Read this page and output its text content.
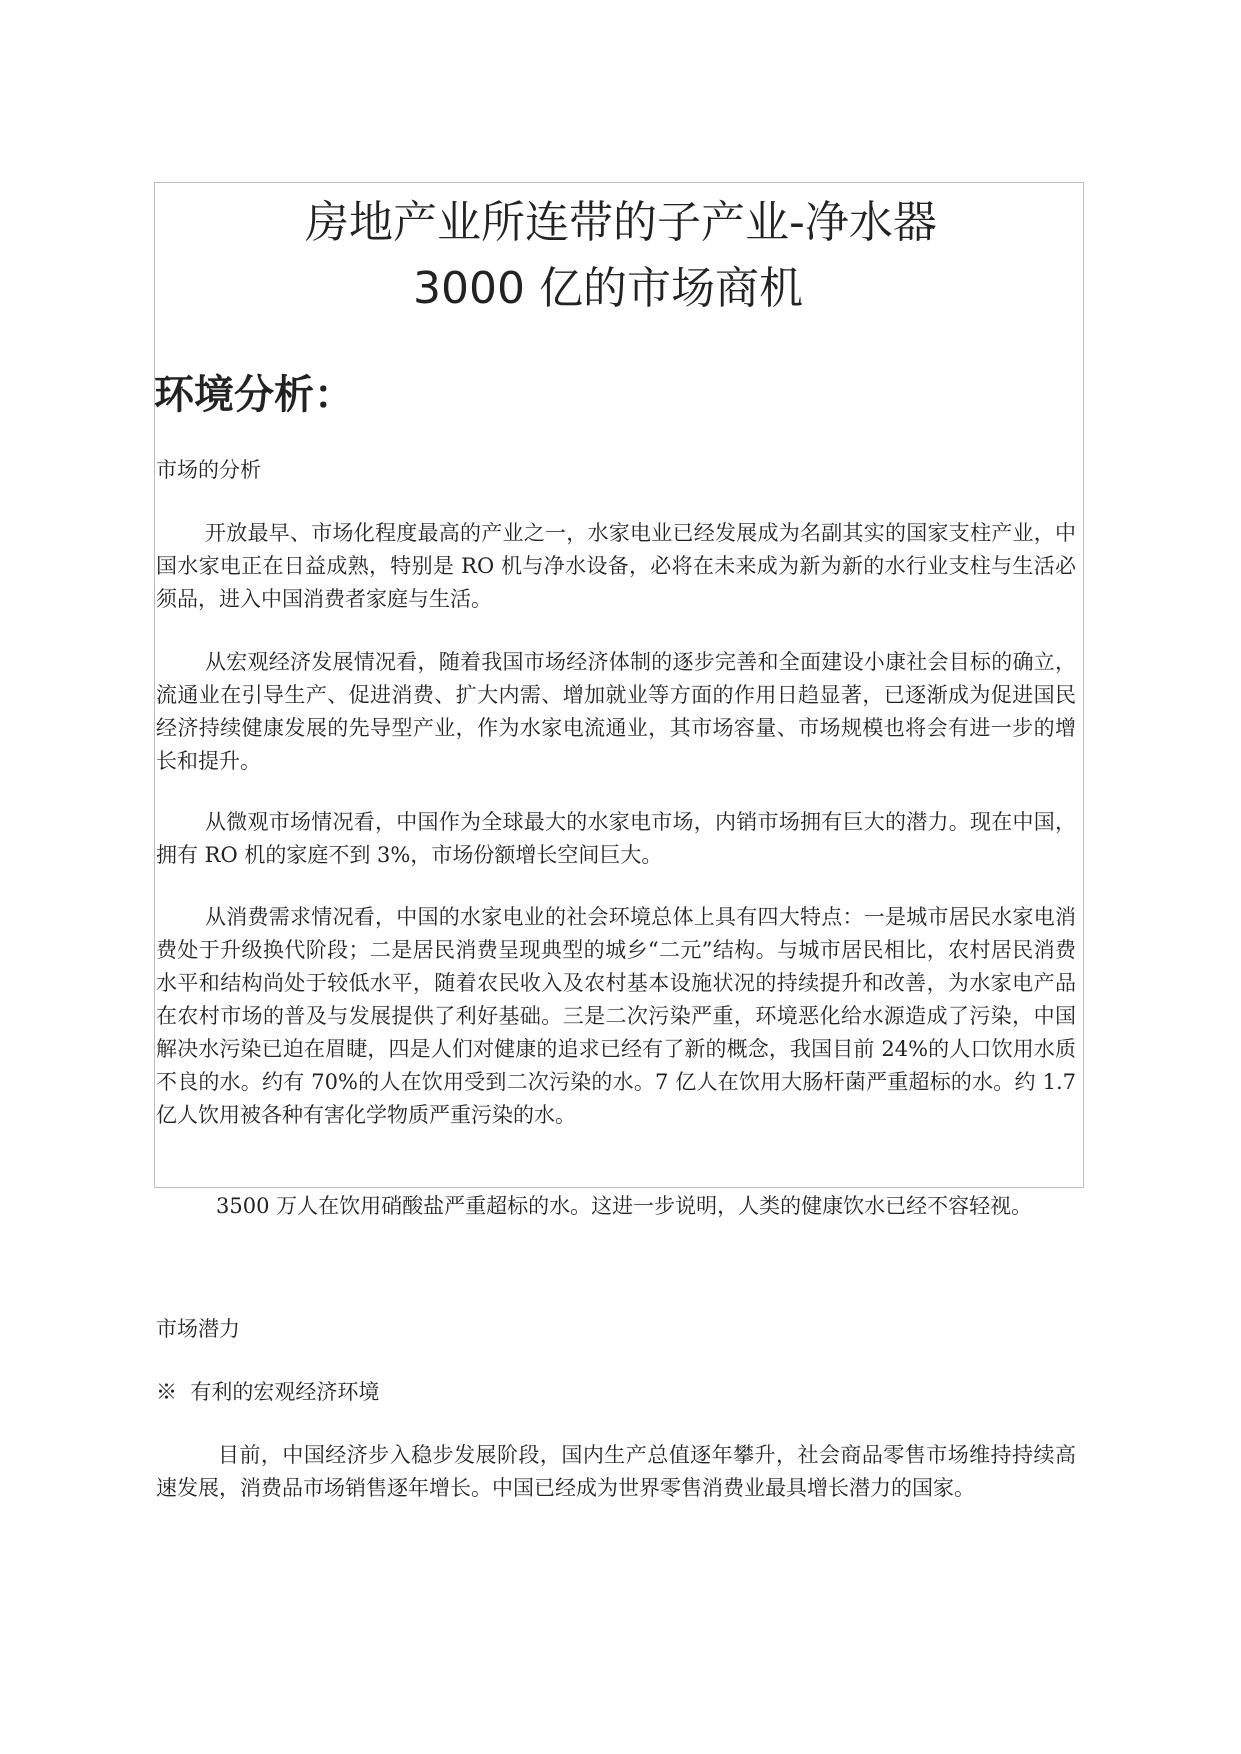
房地产业所连带的子产业-净水器
3000 亿的市场商机
环境分析：
市场的分析

开放最早、市场化程度最高的产业之一，水家电业已经发展成为名副其实的国家支柱产业，中国水家电正在日益成熟，特别是 RO 机与净水设备，必将在未来成为新为新的水行业支柱与生活必须品，进入中国消费者家庭与生活。

从宏观经济发展情况看，随着我国市场经济体制的逐步完善和全面建设小康社会目标的确立，流通业在引导生产、促进消费、扩大内需、增加就业等方面的作用日趋显著，已逐渐成为促进国民经济持续健康发展的先导型产业，作为水家电流通业，其市场容量、市场规模也将会有进一步的增长和提升。

从微观市场情况看，中国作为全球最大的水家电市场，内销市场拥有巨大的潜力。现在中国，拥有 RO 机的家庭不到 3%，市场份额增长空间巨大。

从消费需求情况看，中国的水家电业的社会环境总体上具有四大特点：一是城市居民水家电消费处于升级换代阶段；二是居民消费呈现典型的城乡“二元”结构。与城市居民相比，农村居民消费水平和结构尚处于较低水平，随着农民收入及农村基本设施状况的持续提升和改善，为水家电产品在农村市场的普及与发展提供了利好基础。三是二次污染严重，环境恶化给水源造成了污染，中国解决水污染已迫在眉睫，四是人们对健康的追求已经有了新的概念，我国目前 24%的人口饮用水质不良的水。约有 70%的人在饮用受到二次污染的水。7 亿人在饮用大肠杆菌严重超标的水。约 1.7 亿人饮用被各种有害化学物质严重污染的水。

3500 万人在饮用硝酸盐严重超标的水。这进一步说明，人类的健康饮水已经不容轻视。

市场潜力
※  有利的宏观经济环境

目前，中国经济步入稳步发展阶段，国内生产总值逐年攀升，社会商品零售市场维持持续高速发展，消费品市场销售逐年增长。中国已经成为世界零售消费业最具增长潜力的国家。
